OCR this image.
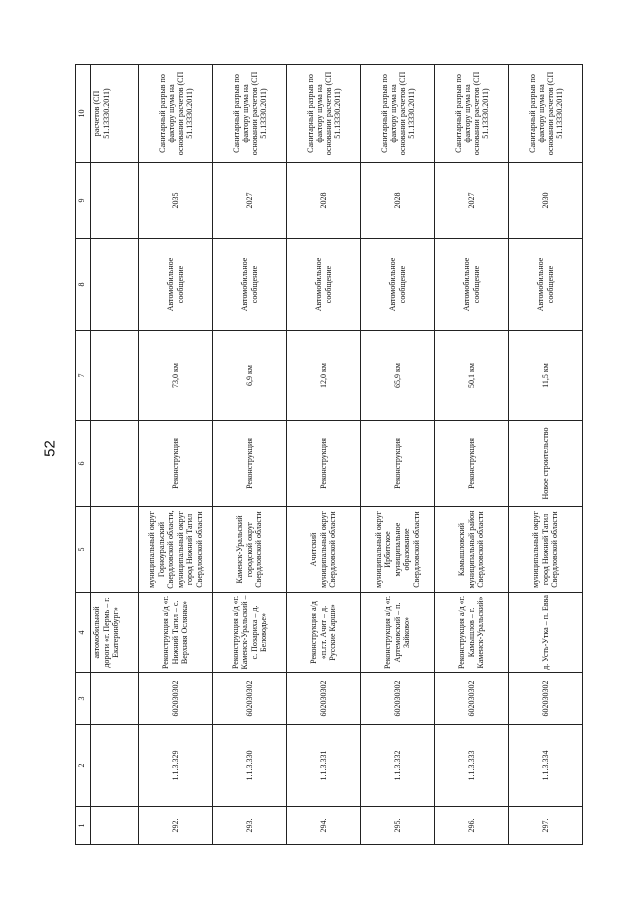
52
1	2	3	4	5	6	7	8	9	10
			автомобильной дороги «г. Пермь – г. Екатеринбург»						расчетов (СП 51.13330.2011)
292.	1.1.3.329	602030302	Реконструкция а/д «г. Нижний Тагил – с. Верхняя Ослянка»	муниципальный округ Горноуральский Свердловской области, муниципальный округ город Нижний Тагил Свердловской области	Реконструкция	73,0 км	Автомобильное сообщение	2035	Санитарный разрыв по фактору шума на основании расчетов (СП 51.13330.2011)
293.	1.1.3.330	602030302	Реконструкция а/д «г. Каменск-Уральский – с. Позариха – д. Беловодье»	Каменск-Уральский городской округ Свердловской области	Реконструкция	6,9 км	Автомобильное сообщение	2027	Санитарный разрыв по фактору шума на основании расчетов (СП 51.13330.2011)
294.	1.1.3.331	602030302	Реконструкция а/д «п.г.т. Ачит – д. Русские Карши»	Ачитский муниципальный округ Свердловской области	Реконструкция	12,0 км	Автомобильное сообщение	2028	Санитарный разрыв по фактору шума на основании расчетов (СП 51.13330.2011)
295.	1.1.3.332	602030302	Реконструкция а/д «г. Артемовский – п. Зайково»	муниципальный округ Ирбитское муниципальное образование Свердловской области	Реконструкция	65,9 км	Автомобильное сообщение	2028	Санитарный разрыв по фактору шума на основании расчетов (СП 51.13330.2011)
296.	1.1.3.333	602030302	Реконструкция а/д «г. Камышлов – г. Каменск-Уральский»	Камышловский муниципальный район Свердловской области	Реконструкция	50,1 км	Автомобильное сообщение	2027	Санитарный разрыв по фактору шума на основании расчетов (СП 51.13330.2011)
297.	1.1.3.334	602030302	д. Усть-Утка – п. Евва	муниципальный округ город Нижний Тагил Свердловской области	Новое строительство	11,5 км	Автомобильное сообщение	2030	Санитарный разрыв по фактору шума на основании расчетов (СП 51.13330.2011)
